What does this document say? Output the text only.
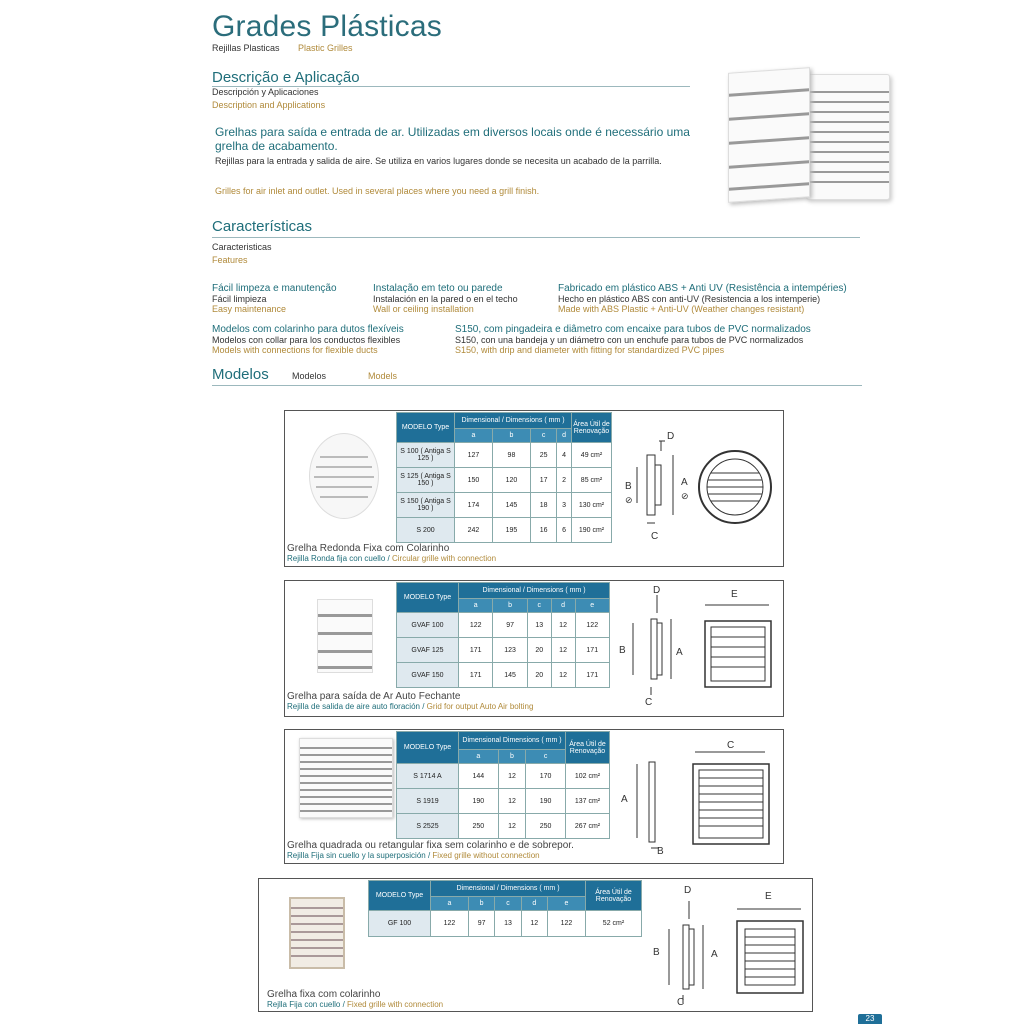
Grades Plásticas
Rejillas Plasticas Plastic Grilles
Descrição e Aplicação
Descripción y Aplicaciones
Description and Applications
Grelhas para saída e entrada de ar. Utilizadas em diversos locais onde é necessário uma grelha de acabamento.
Rejillas para la entrada y salida de aire. Se utiliza en varios lugares donde se necesita un acabado de la parrilla.
Grilles for air inlet and outlet. Used in several places where you need a grill finish.
Características
Caracteristicas
Features
Fácil limpeza e manutenção
Fácil limpieza
Easy maintenance
Instalação em teto ou parede
Instalación en la pared o en el techo
Wall or ceiling installation
Fabricado em plástico ABS + Anti UV (Resistência a intempéries)
Hecho en plástico ABS con anti-UV (Resistencia a los intemperie)
Made with ABS Plastic + Anti-UV (Weather changes resistant)
Modelos com colarinho para dutos flexíveis
Modelos con collar para los conductos flexibles
Models with connections for flexible ducts
S150, com pingadeira e diâmetro com encaixe para tubos de PVC normalizados
S150, con una bandeja y un diámetro con un enchufe para tubos de PVC normalizados
S150, with drip and diameter with fitting for standardized PVC pipes
Modelos	Modelos	Models
D
B
⊘
A
⊘
C
Grelha Redonda Fixa com Colarinho
Rejilla Ronda fija con cuello / Circular grille with connection
MODELO Type	Dimensional / Dimensions ( mm )				Área Útil de Renovação
	a	b	c	d	
S 100 ( Antiga S 125 )	127	98	25	4	49 cm²
S 125 ( Antiga S 150 )	150	120	17	2	85 cm²
S 150 ( Antiga S 190 )	174	145	18	3	130 cm²
S 200	242	195	16	6	190 cm²
D	E
B	A
C
Grelha para saída de Ar Auto Fechante
Rejilla de salida de aire auto floración / Grid for output Auto Air bolting
MODELO Type	Dimensional / Dimensions ( mm )				
	a	b	c	d	e
GVAF 100	122	97	13	12	122
GVAF 125	171	123	20	12	171
GVAF 150	171	145	20	12	171
C
A
B
Grelha quadrada ou retangular fixa sem colarinho e de sobrepor.
Rejilla Fija sin cuello y la superposición / Fixed grille without connection
MODELO Type	Dimensional Dimensions ( mm )			Área Útil de Renovação
	a	b	c	
S 1714 A	144	12	170	102 cm²
S 1919	190	12	190	137 cm²
S 2525	250	12	250	267 cm²
D
E
B	A
C
Grelha fixa com colarinho
Rejlla Fija con cuello / Fixed grille with connection
MODELO Type	Dimensional / Dimensions ( mm )					Área Útil de Renovação
	a	b	c	d	e	
GF 100	122	97	13	12	122	52 cm²
23
